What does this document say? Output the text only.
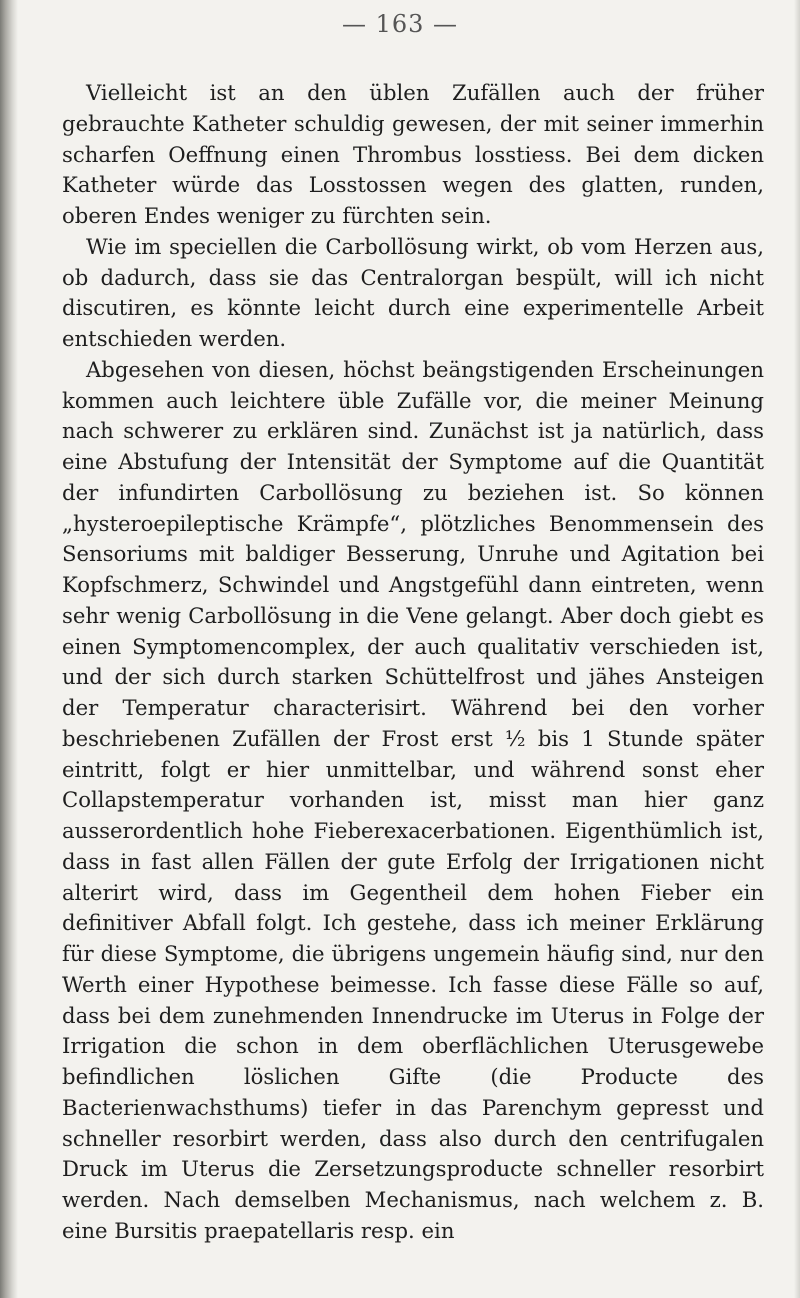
— 163 —

Vielleicht ist an den üblen Zufällen auch der früher gebrauchte Katheter schuldig gewesen, der mit seiner immerhin scharfen Oeffnung einen Thrombus losstiess. Bei dem dicken Katheter würde das Losstossen wegen des glatten, runden, oberen Endes weniger zu fürchten sein.

Wie im speciellen die Carbollösung wirkt, ob vom Herzen aus, ob dadurch, dass sie das Centralorgan bespült, will ich nicht discutiren, es könnte leicht durch eine experimentelle Arbeit entschieden werden.

Abgesehen von diesen, höchst beängstigenden Erscheinungen kommen auch leichtere üble Zufälle vor, die meiner Meinung nach schwerer zu erklären sind. Zunächst ist ja natürlich, dass eine Abstufung der Intensität der Symptome auf die Quantität der infundirten Carbollösung zu beziehen ist. So können „hysteroepileptische Krämpfe“, plötzliches Benommensein des Sensoriums mit baldiger Besserung, Unruhe und Agitation bei Kopfschmerz, Schwindel und Angstgefühl dann eintreten, wenn sehr wenig Carbollösung in die Vene gelangt. Aber doch giebt es einen Symptomencomplex, der auch qualitativ verschieden ist, und der sich durch starken Schüttelfrost und jähes Ansteigen der Temperatur characterisirt. Während bei den vorher beschriebenen Zufällen der Frost erst ½ bis 1 Stunde später eintritt, folgt er hier unmittelbar, und während sonst eher Collapstemperatur vorhanden ist, misst man hier ganz ausserordentlich hohe Fieberexacerbationen. Eigenthümlich ist, dass in fast allen Fällen der gute Erfolg der Irrigationen nicht alterirt wird, dass im Gegentheil dem hohen Fieber ein definitiver Abfall folgt. Ich gestehe, dass ich meiner Erklärung für diese Symptome, die übrigens ungemein häufig sind, nur den Werth einer Hypothese beimesse. Ich fasse diese Fälle so auf, dass bei dem zunehmenden Innendrucke im Uterus in Folge der Irrigation die schon in dem oberflächlichen Uterusgewebe befindlichen löslichen Gifte (die Producte des Bacterienwachsthums) tiefer in das Parenchym gepresst und schneller resorbirt werden, dass also durch den centrifugalen Druck im Uterus die Zersetzungsproducte schneller resorbirt werden. Nach demselben Mechanismus, nach welchem z. B. eine Bursitis praepatellaris resp. ein
